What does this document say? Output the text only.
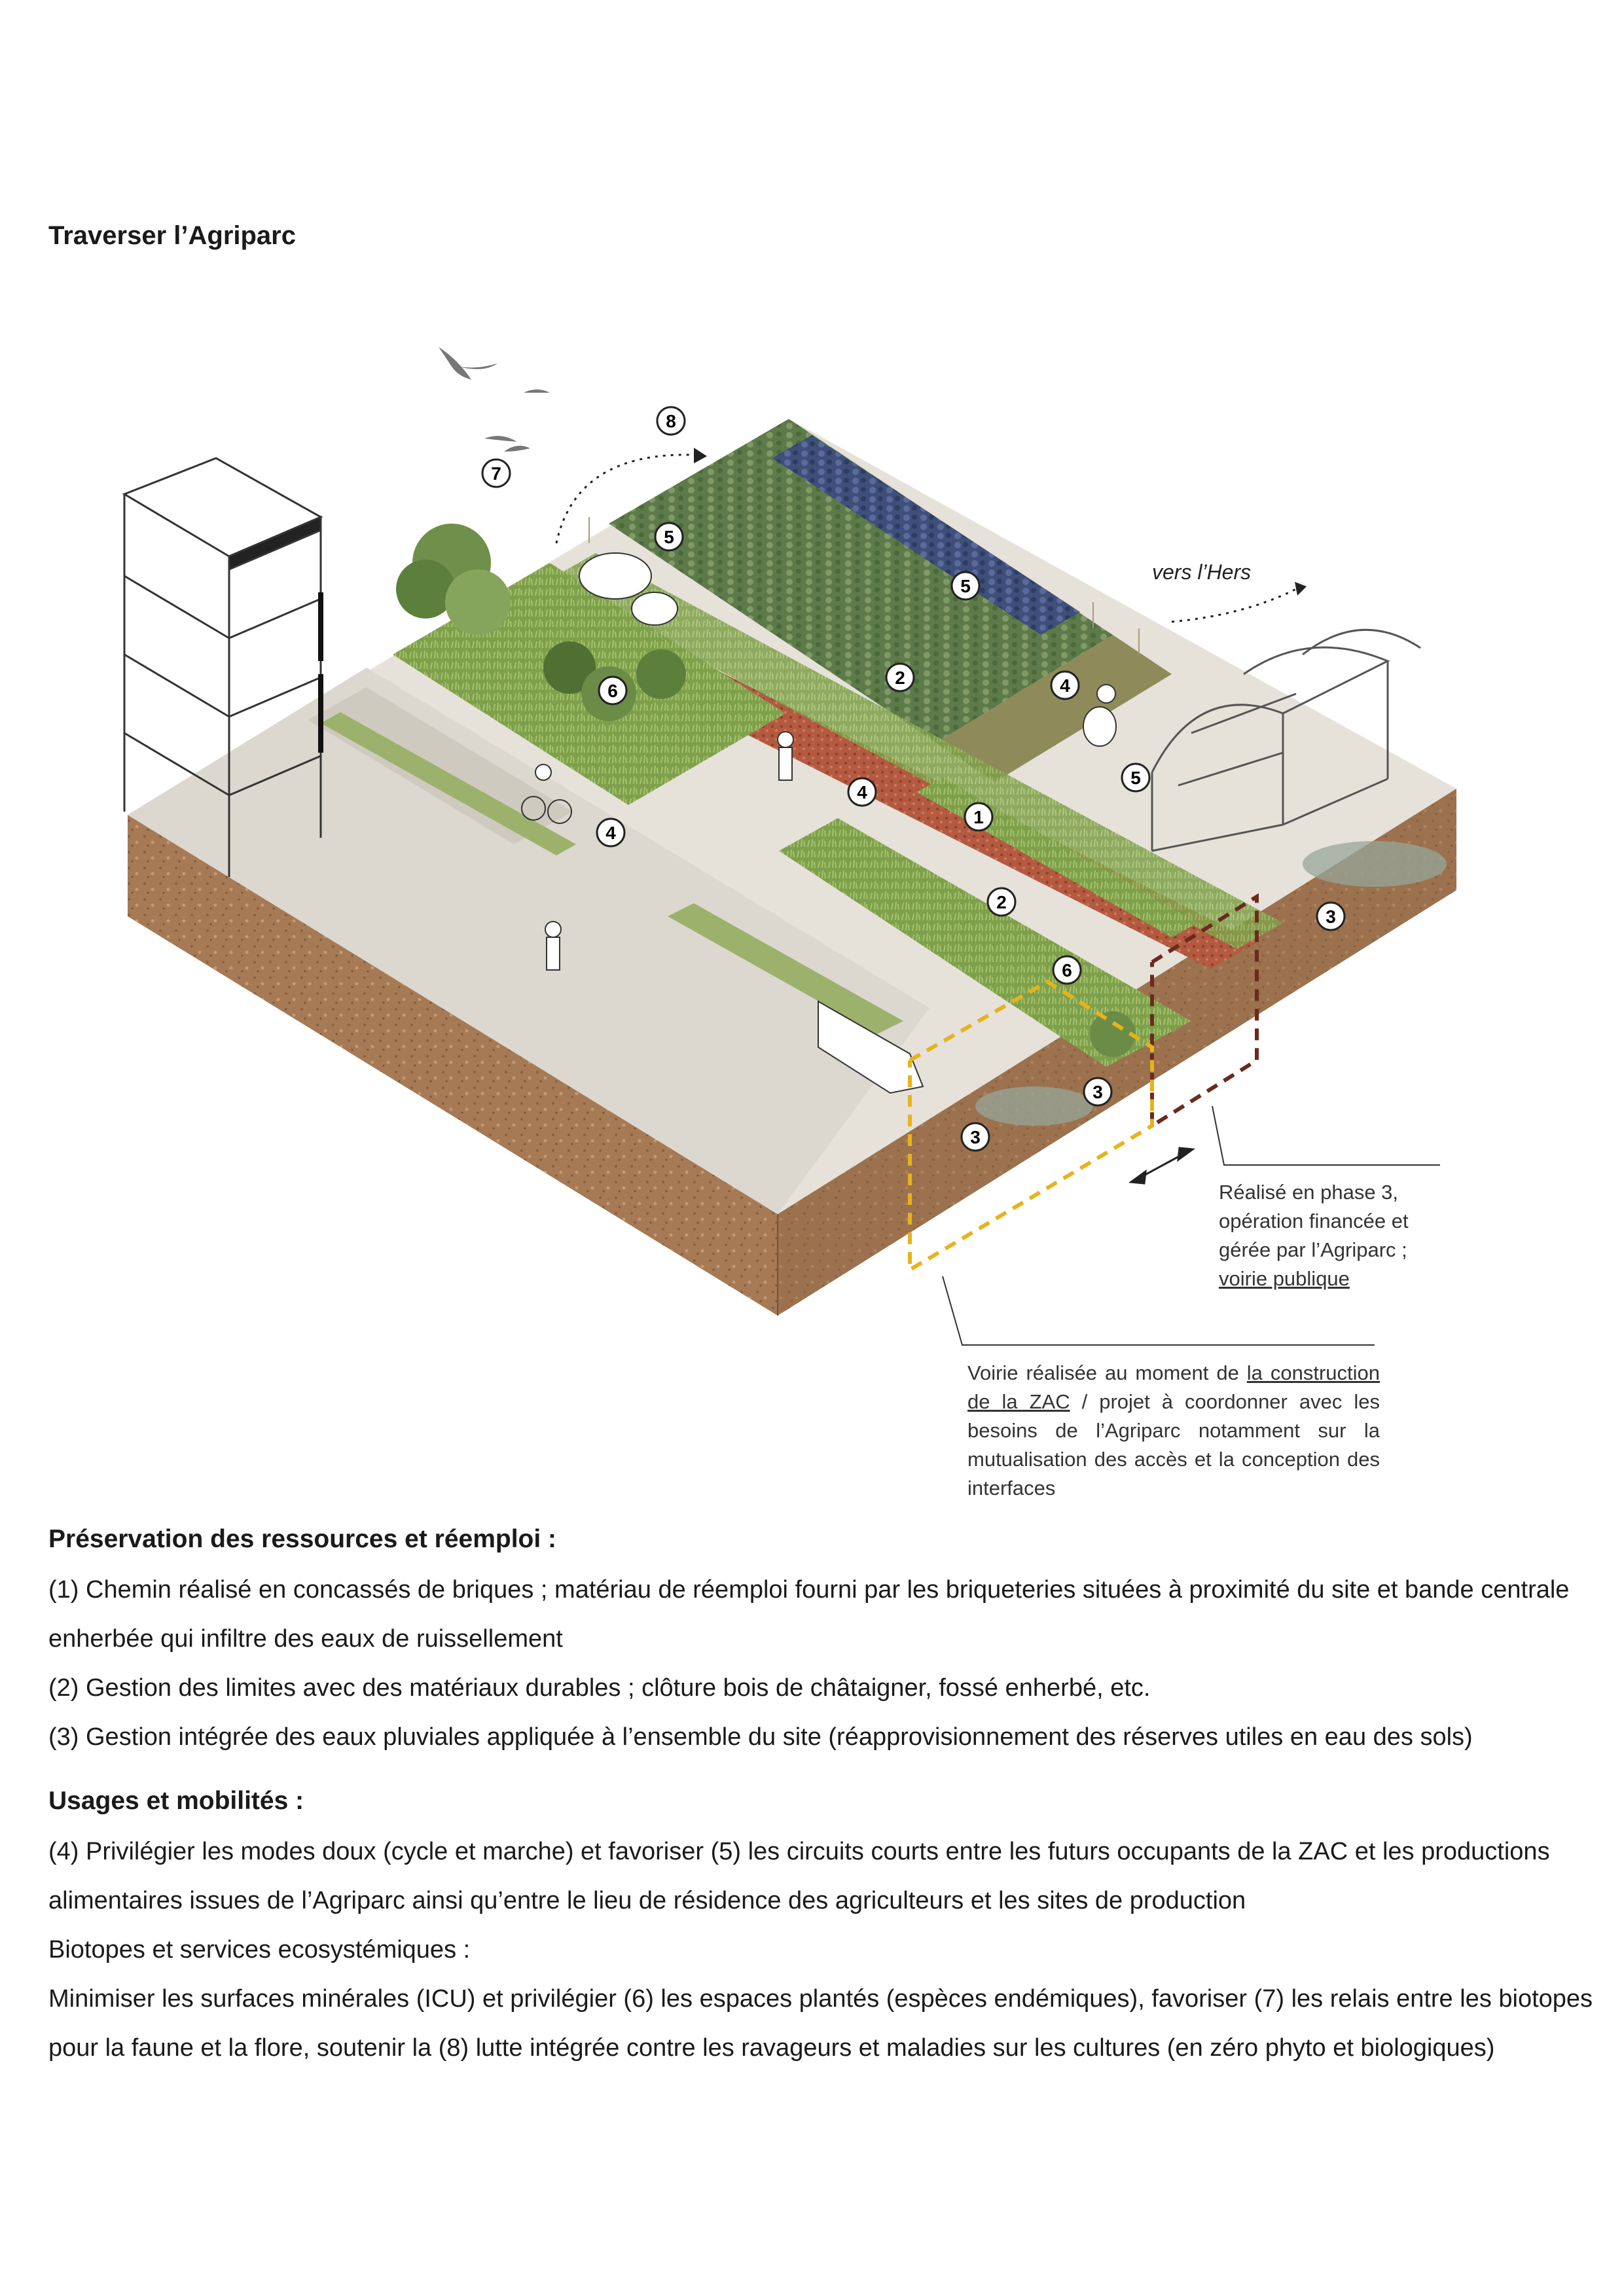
Traverser l’Agriparc
vers l’Hers
8
7
5
5
2	4
6
5
4
1
4
2
3
6
3
3
Réalisé en phase 3,
opération financée et
gérée par l’Agriparc ;
voirie publique
Voirie réalisée au moment de la construction de la ZAC / projet à coordonner avec les besoins de l’Agriparc notamment sur la mutualisation des accès et la conception des interfaces
Préservation des ressources et réemploi :

(1) Chemin réalisé en concassés de briques ; matériau de réemploi fourni par les briqueteries situées à proximité du site et bande centrale enherbée qui infiltre des eaux de ruissellement

(2) Gestion des limites avec des matériaux durables ; clôture bois de châtaigner, fossé enherbé, etc.

(3) Gestion intégrée des eaux pluviales appliquée à l’ensemble du site (réapprovisionnement des réserves utiles en eau des sols)

Usages et mobilités :

(4) Privilégier les modes doux (cycle et marche) et favoriser (5) les circuits courts entre les futurs occupants de la ZAC et les productions alimentaires issues de l’Agriparc ainsi qu’entre le lieu de résidence des agriculteurs et les sites de production

Biotopes et services ecosystémiques :

Minimiser les surfaces minérales (ICU) et privilégier (6) les espaces plantés (espèces endémiques), favoriser (7) les relais entre les biotopes pour la faune et la flore, soutenir la (8) lutte intégrée contre les ravageurs et maladies sur les cultures (en zéro phyto et biologiques)
